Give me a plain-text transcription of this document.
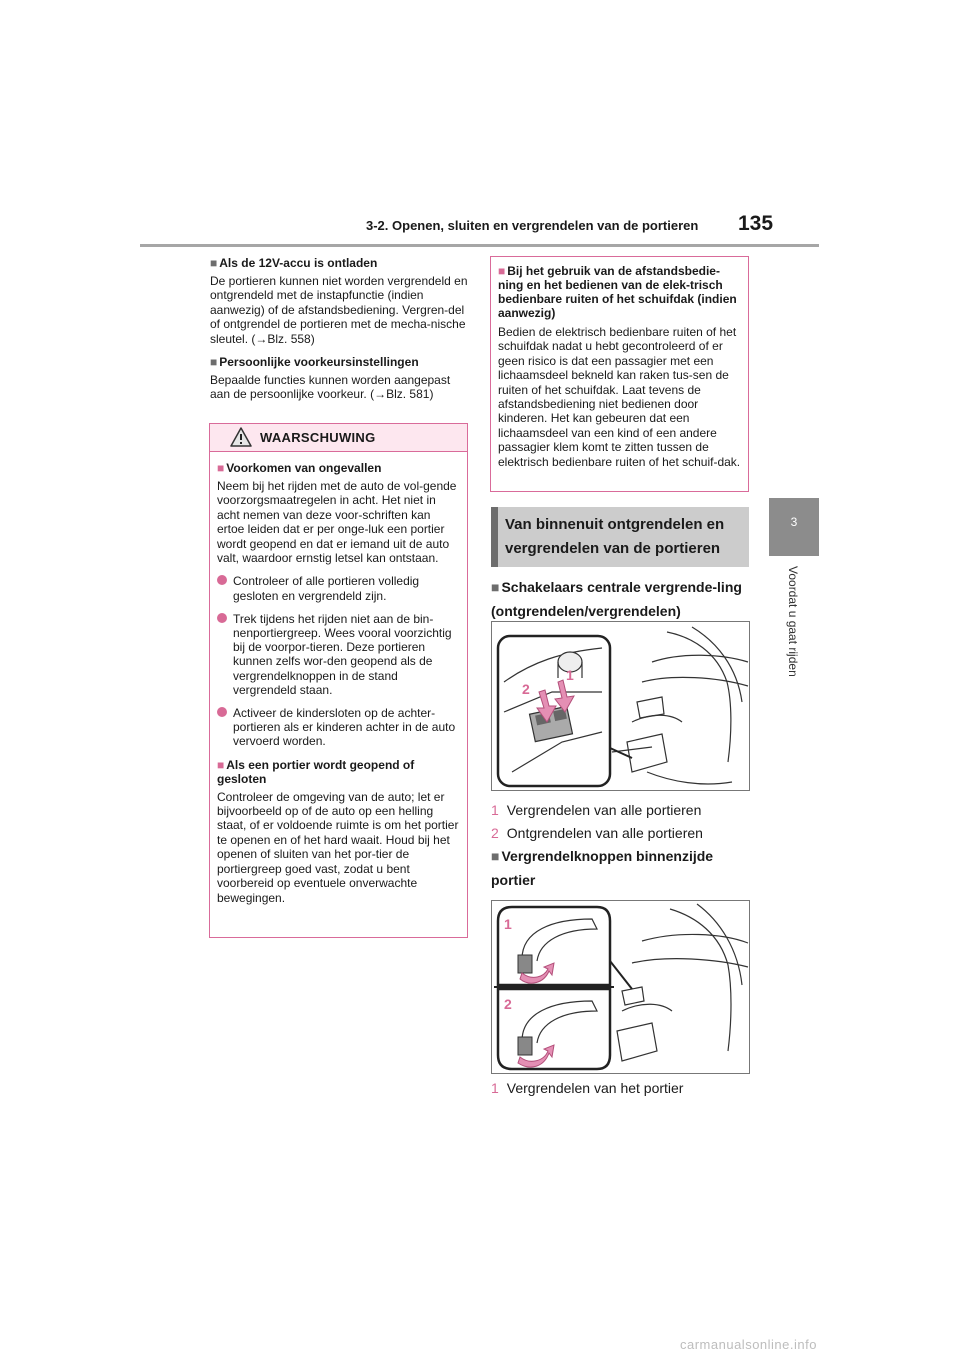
3-2. Openen, sluiten en vergrendelen van de portieren 135
3
Voordat u gaat rijden
■ Als de 12V-accu is ontladen
De portieren kunnen niet worden vergrendeld en ontgrendeld met de instapfunctie (indien aanwezig) of de afstandsbediening. Vergren-del of ontgrendel de portieren met de mecha-nische sleutel. (→Blz. 558)
■ Persoonlijke voorkeursinstellingen
Bepaalde functies kunnen worden aangepast aan de persoonlijke voorkeur. (→Blz. 581)
WAARSCHUWING
■ Voorkomen van ongevallen
Neem bij het rijden met de auto de vol-gende voorzorgsmaatregelen in acht. Het niet in acht nemen van deze voor-schriften kan ertoe leiden dat er per onge-luk een portier wordt geopend en dat er iemand uit de auto valt, waardoor ernstig letsel kan ontstaan.
Controleer of alle portieren volledig gesloten en vergrendeld zijn.
Trek tijdens het rijden niet aan de bin-nenportiergreep. Wees vooral voorzichtig bij de voorpor-tieren. Deze portieren kunnen zelfs wor-den geopend als de vergrendelknoppen in de stand vergrendeld staan.
Activeer de kindersloten op de achter-portieren als er kinderen achter in de auto vervoerd worden.
■ Als een portier wordt geopend of gesloten
Controleer de omgeving van de auto; let er bijvoorbeeld op of de auto op een helling staat, of er voldoende ruimte is om het portier te openen en of het hard waait. Houd bij het openen of sluiten van het por-tier de portiergreep goed vast, zodat u bent voorbereid op eventuele onverwachte bewegingen.
■ Bij het gebruik van de afstandsbedie-ning en het bedienen van de elek-trisch bedienbare ruiten of het schuifdak (indien aanwezig)
Bedien de elektrisch bedienbare ruiten of het schuifdak nadat u hebt gecontroleerd of er geen risico is dat een passagier met een lichaamsdeel bekneld kan raken tus-sen de ruiten of het schuifdak. Laat tevens de afstandsbediening niet bedienen door kinderen. Het kan gebeuren dat een lichaamsdeel van een kind of een andere passagier klem komt te zitten tussen de elektrisch bedienbare ruiten of het schuif-dak.
Van binnenuit ontgrendelen en vergrendelen van de portieren
■ Schakelaars centrale vergrende-ling (ontgrendelen/vergrendelen)
2
1
1 Vergrendelen van alle portieren
2 Ontgrendelen van alle portieren
■ Vergrendelknoppen binnenzijde portier
1
2
1 Vergrendelen van het portier
carmanualsonline.info
